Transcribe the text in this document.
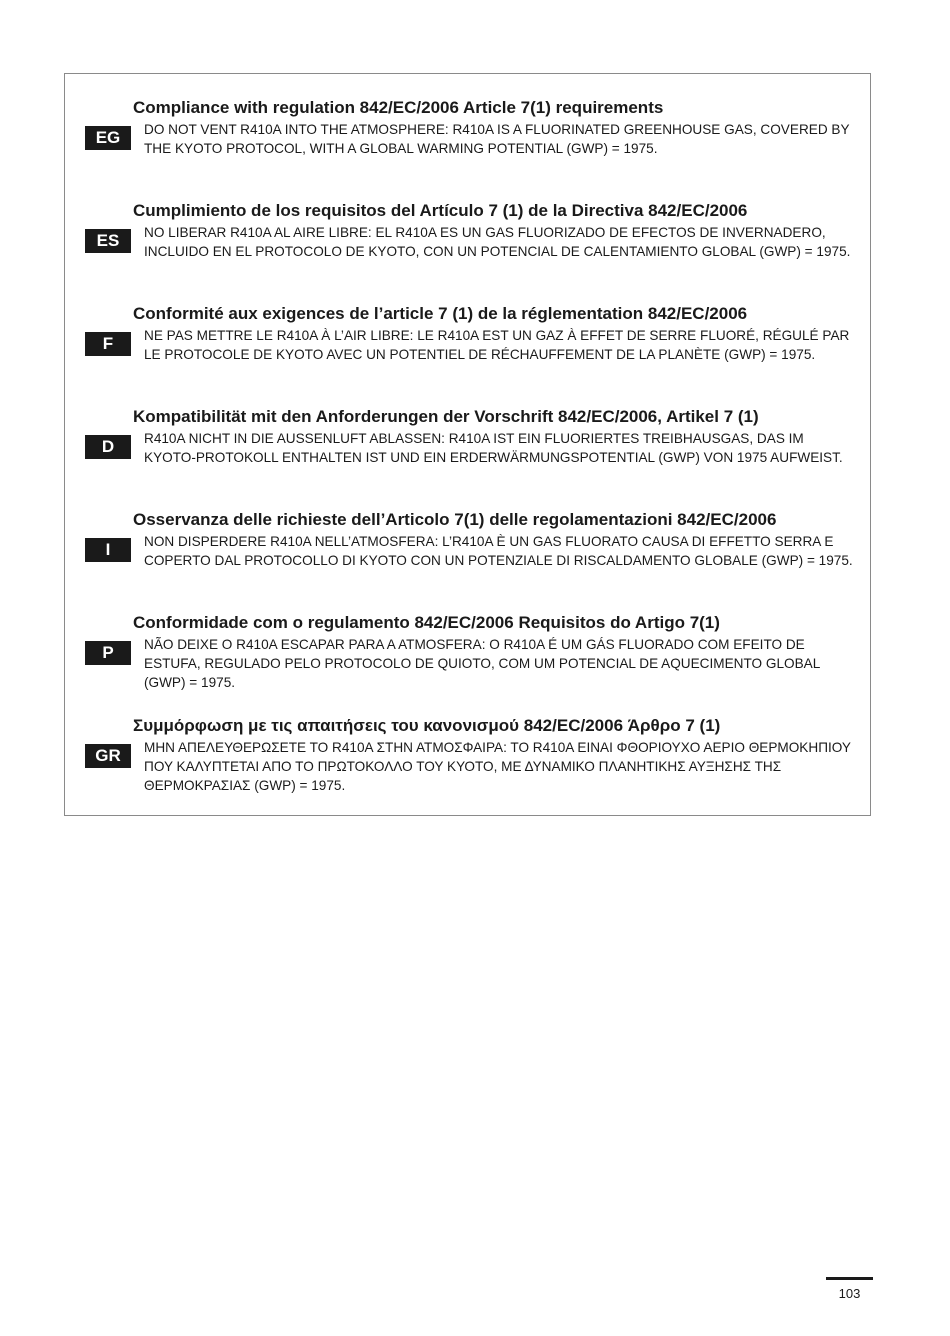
Compliance with regulation 842/EC/2006 Article 7(1) requirements
EG	DO NOT VENT R410A INTO THE ATMOSPHERE: R410A IS A FLUORINATED GREENHOUSE GAS, COVERED BY THE KYOTO PROTOCOL, WITH A GLOBAL WARMING POTENTIAL (GWP) = 1975.

Cumplimiento de los requisitos del Artículo 7 (1) de la Directiva 842/EC/2006
ES	NO LIBERAR R410A AL AIRE LIBRE: EL R410A ES UN GAS FLUORIZADO DE EFECTOS DE INVERNADERO, INCLUIDO EN EL PROTOCOLO DE KYOTO, CON UN POTENCIAL DE CALENTAMIENTO GLOBAL (GWP) = 1975.

Conformité aux exigences de l’article 7 (1) de la réglementation 842/EC/2006
F	NE PAS METTRE LE R410A À L’AIR LIBRE: LE R410A EST UN GAZ À EFFET DE SERRE FLUORÉ, RÉGULÉ PAR LE PROTOCOLE DE KYOTO AVEC UN POTENTIEL DE RÉCHAUFFEMENT DE LA PLANÈTE (GWP) = 1975.

Kompatibilität mit den Anforderungen der Vorschrift 842/EC/2006, Artikel 7 (1)
D	R410A NICHT IN DIE AUSSENLUFT ABLASSEN: R410A IST EIN FLUORIERTES TREIBHAUSGAS, DAS IM KYOTO-PROTOKOLL ENTHALTEN IST UND EIN ERDERWÄRMUNGSPOTENTIAL (GWP) VON 1975 AUFWEIST.

Osservanza delle richieste dell’Articolo 7(1) delle regolamentazioni 842/EC/2006
I	NON DISPERDERE R410A NELL’ATMOSFERA: L’R410A È UN GAS FLUORATO CAUSA DI EFFETTO SERRA E COPERTO DAL PROTOCOLLO DI KYOTO CON UN POTENZIALE DI RISCALDAMENTO GLOBALE (GWP) = 1975.

Conformidade com o regulamento 842/EC/2006 Requisitos do Artigo 7(1)
P	NÃO DEIXE O R410A ESCAPAR PARA A ATMOSFERA: O R410A É UM GÁS FLUORADO COM EFEITO DE ESTUFA, REGULADO PELO PROTOCOLO DE QUIOTO, COM UM POTENCIAL DE AQUECIMENTO GLOBAL (GWP) = 1975.

Συμμόρφωση με τις απαιτήσεις του κανονισμού 842/EC/2006 Άρθρο 7 (1)
GR	ΜΗΝ ΑΠΕΛΕΥΘΕΡΩΣΕΤΕ ΤΟ R410A ΣΤΗΝ ΑΤΜΟΣΦΑΙΡΑ: ΤΟ R410A ΕΙΝΑΙ ΦΘΟΡΙΟΥΧΟ ΑΕΡΙΟ ΘΕΡΜΟΚΗΠΙΟΥ ΠΟΥ ΚΑΛΥΠΤΕΤΑΙ ΑΠΟ ΤΟ ΠΡΩΤΟΚΟΛΛΟ ΤΟΥ ΚΥΟΤΟ, ΜΕ ΔΥΝΑΜΙΚΟ ΠΛΑΝΗΤΙΚΗΣ ΑΥΞΗΣΗΣ ΤΗΣ ΘΕΡΜΟΚΡΑΣΙΑΣ (GWP) = 1975.

103
